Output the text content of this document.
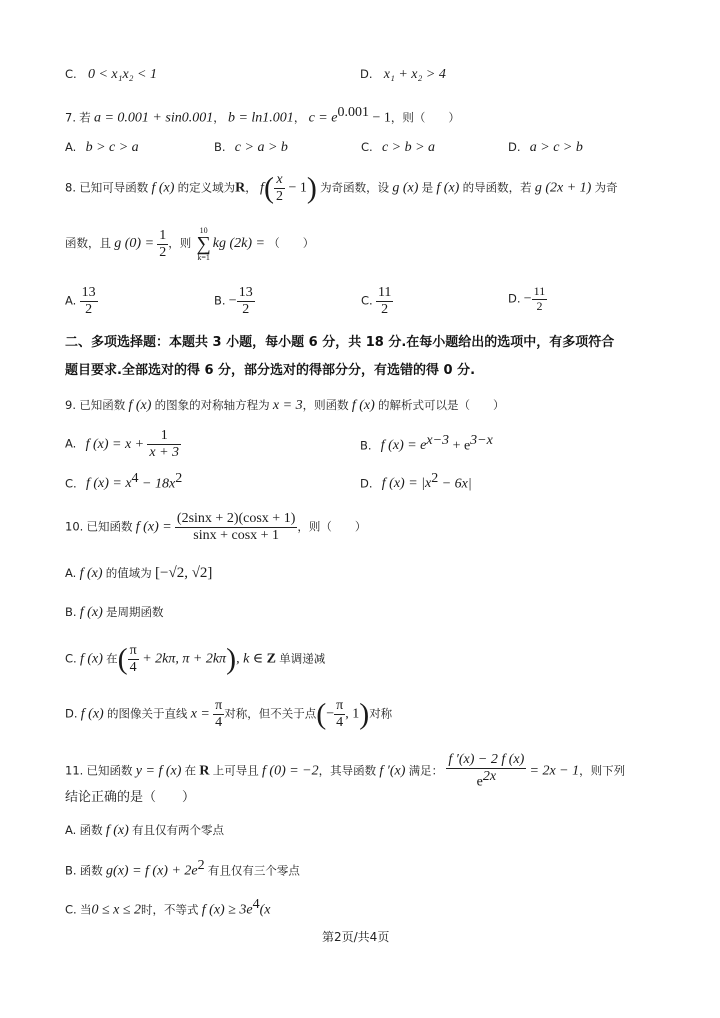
C. 0 < x₁x₂ < 1	D. x₁ + x₂ > 4
7. 若 a = 0.001 + sin0.001， b = ln1.001， $c = e^{0.001} - 1$，则（　　）
A. b > c > a	B. c > a > b	C. c > b > a	D. a > c > b
8. 已知可导函数 f (x) 的定义域为R， $f( \frac{x}{2} - 1)$ 为奇函数，设 g (x) 是 f (x) 的导函数，若 g (2x + 1) 为奇
函数，且 g $(0) = \frac{1}{2}$ ，则
10
∑
k=1
kg (2k) = （　　）
A. $\frac{13}{2}$	B. − $\frac{13}{2}$	C. $\frac{11}{2}$	D. − $\frac{11}{2}$
二、多项选择题：本题共 3 小题，每小题 6 分，共 18 分.在每小题给出的选项中，有多项符合
题目要求.全部选对的得 6 分，部分选对的得部分分，有选错的得 0 分.
9. 已知函数 f (x) 的图象的对称轴方程为 x = 3，则函数 f (x) 的解析式可以是（　　）
A. f $(x) = x + \frac{1}{x + 3}$	B. f $(x) = e^{x-3} + e^{3-x}$
C. f $(x) = x^4 - 18x^2$	D. f $(x) = |x^2 - 6x|$
10. 已知函数 f $(x) = \frac{(2\sin x + 2)(\cos x + 1)}{\sin x + \cos x + 1}$ ，则（　　）
A. f (x) 的值域为 [−√2, √2]
B. f (x) 是周期函数
C. f (x) 在( $\frac{\pi}{4} + 2k\pi$, π + 2kπ), k ∈ Z 单调递减
D. f (x) 的图像关于直线 $x = \frac{\pi}{4}$ 对称，但不关于点(− $\frac{\pi}{4}$ , 1)对称
11. 已知函数 y = f (x) 在 R 上可导且 f (0) = −2，其导函数 f ′(x) 满足： $\frac{f '(x) - 2 f (x)}{e^{2x}} = 2x - 1$，则下列
结论正确的是（　　）
A. 函数 f (x) 有且仅有两个零点
B. 函数 g(x) = f $(x) + 2e^2$ 有且仅有三个零点
C. 当0 ≤ x ≤ 2时，不等式 f $(x) \ge 3e^4(x$
第2页/共4页
